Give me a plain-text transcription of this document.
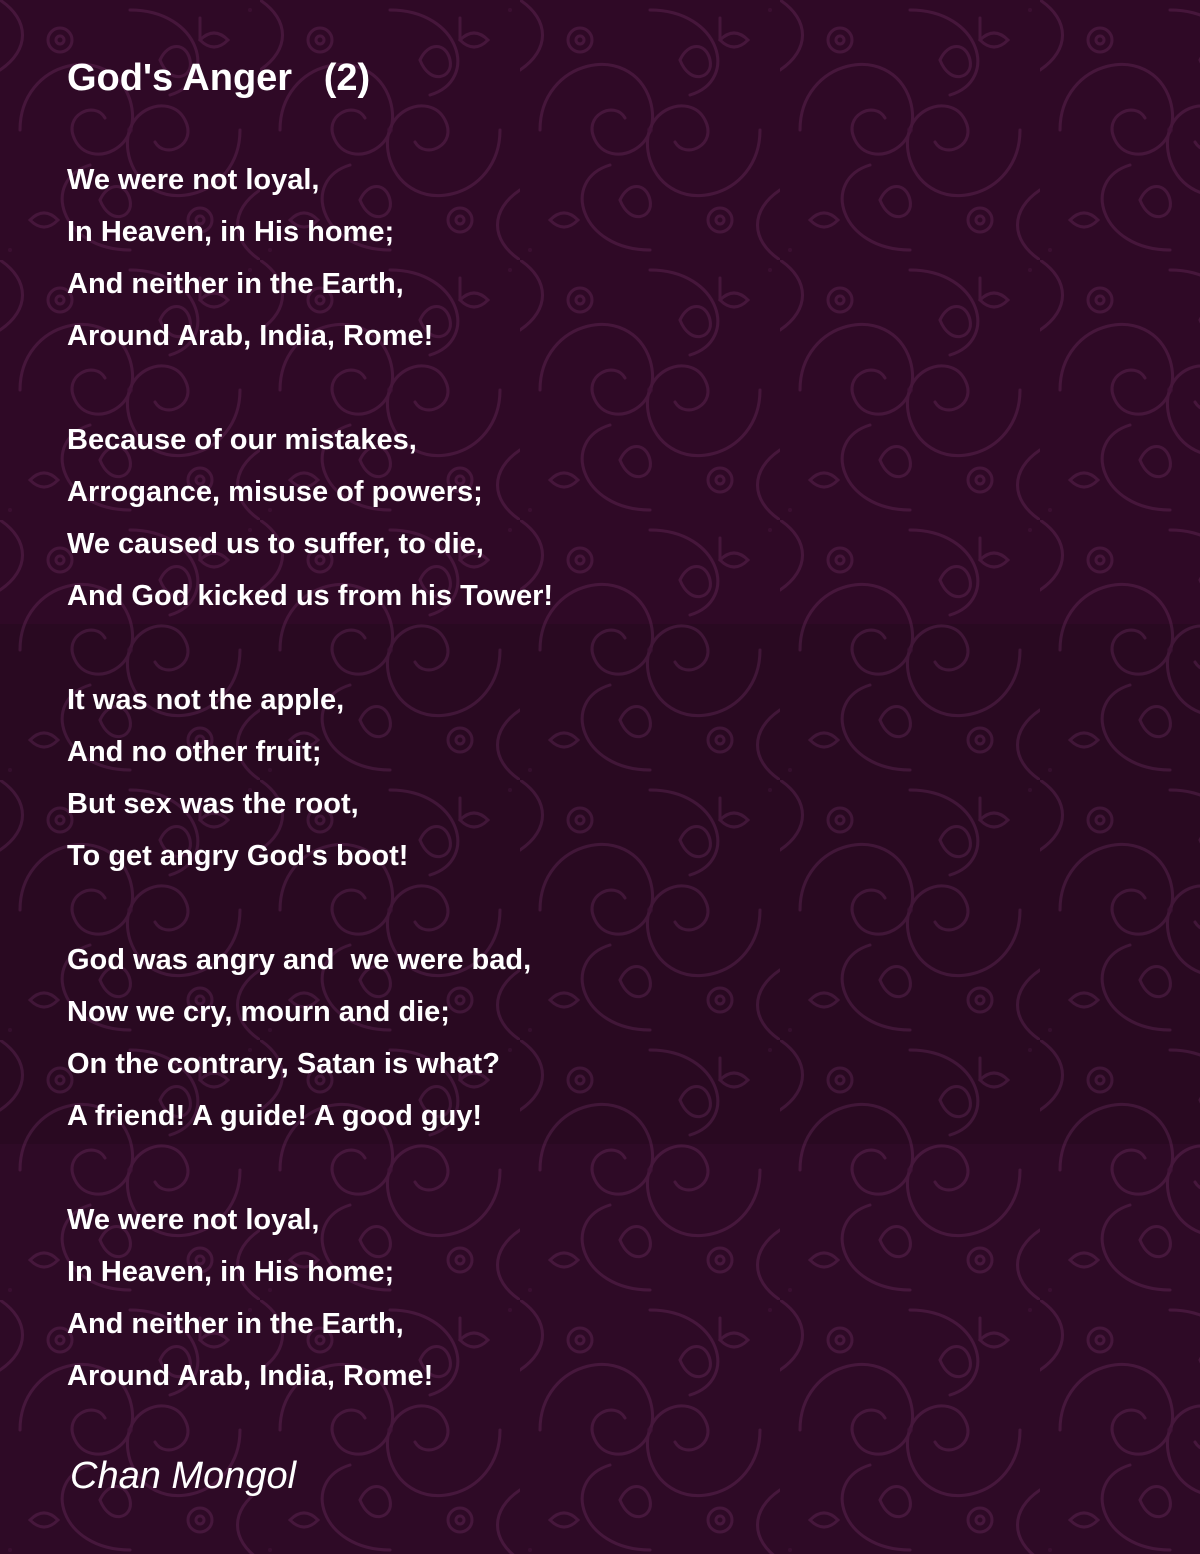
God's Anger   (2)
We were not loyal,
In Heaven, in His home;
And neither in the Earth,
Around Arab, India, Rome!
Because of our mistakes,
Arrogance, misuse of powers;
We caused us to suffer, to die,
And God kicked us from his Tower!
It was not the apple,
And no other fruit;
But sex was the root,
To get angry God's boot!
God was angry and  we were bad,
Now we cry, mourn and die;
On the contrary, Satan is what?
A friend! A guide! A good guy!
We were not loyal,
In Heaven, in His home;
And neither in the Earth,
Around Arab, India, Rome!
Chan Mongol
